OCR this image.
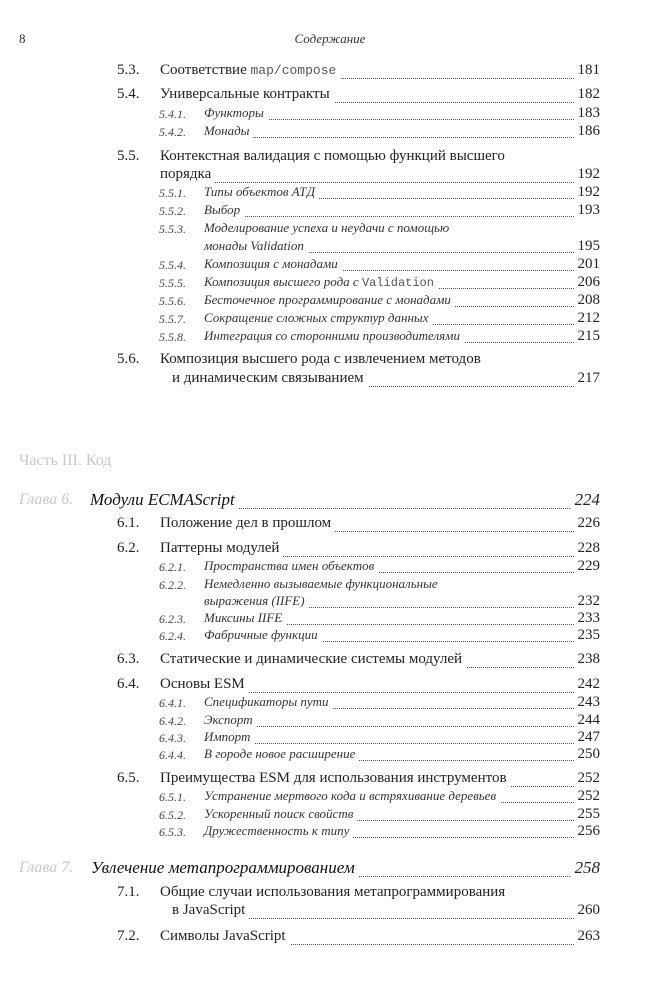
8	Содержание
5.3. Соответствие map/compose	181
5.4. Универсальные контракты	182
5.4.1. Функторы	183
5.4.2. Монады	186
5.5. Контекстная валидация с помощью функций высшего
порядка	192
5.5.1. Типы объектов АТД	192
5.5.2. Выбор	193
5.5.3. Моделирование успеха и неудачи с помощью
монады Validation	195
5.5.4. Композиция с монадами	201
5.5.5. Композиция высшего рода с Validation	206
5.5.6. Бесточечное программирование с монадами	208
5.5.7. Сокращение сложных структур данных	212
5.5.8. Интеграция со сторонними производителями	215
5.6. Композиция высшего рода с извлечением методов
и динамическим связыванием	217
Часть III. Код
Глава 6. Модули ECMAScript	224
6.1. Положение дел в прошлом	226
6.2. Паттерны модулей	228
6.2.1. Пространства имен объектов	229
6.2.2. Немедленно вызываемые функциональные
выражения (IIFE)	232
6.2.3. Миксины IIFE	233
6.2.4. Фабричные функции	235
6.3. Статические и динамические системы модулей	238
6.4. Основы ESM	242
6.4.1. Спецификаторы пути	243
6.4.2. Экспорт	244
6.4.3. Импорт	247
6.4.4. В городе новое расширение	250
6.5. Преимущества ESM для использования инструментов	252
6.5.1. Устранение мертвого кода и встряхивание деревьев	252
6.5.2. Ускоренный поиск свойств	255
6.5.3. Дружественность к типу	256
Глава 7. Увлечение метапрограммированием	258
7.1. Общие случаи использования метапрограммирования
в JavaScript	260
7.2. Символы JavaScript	263
